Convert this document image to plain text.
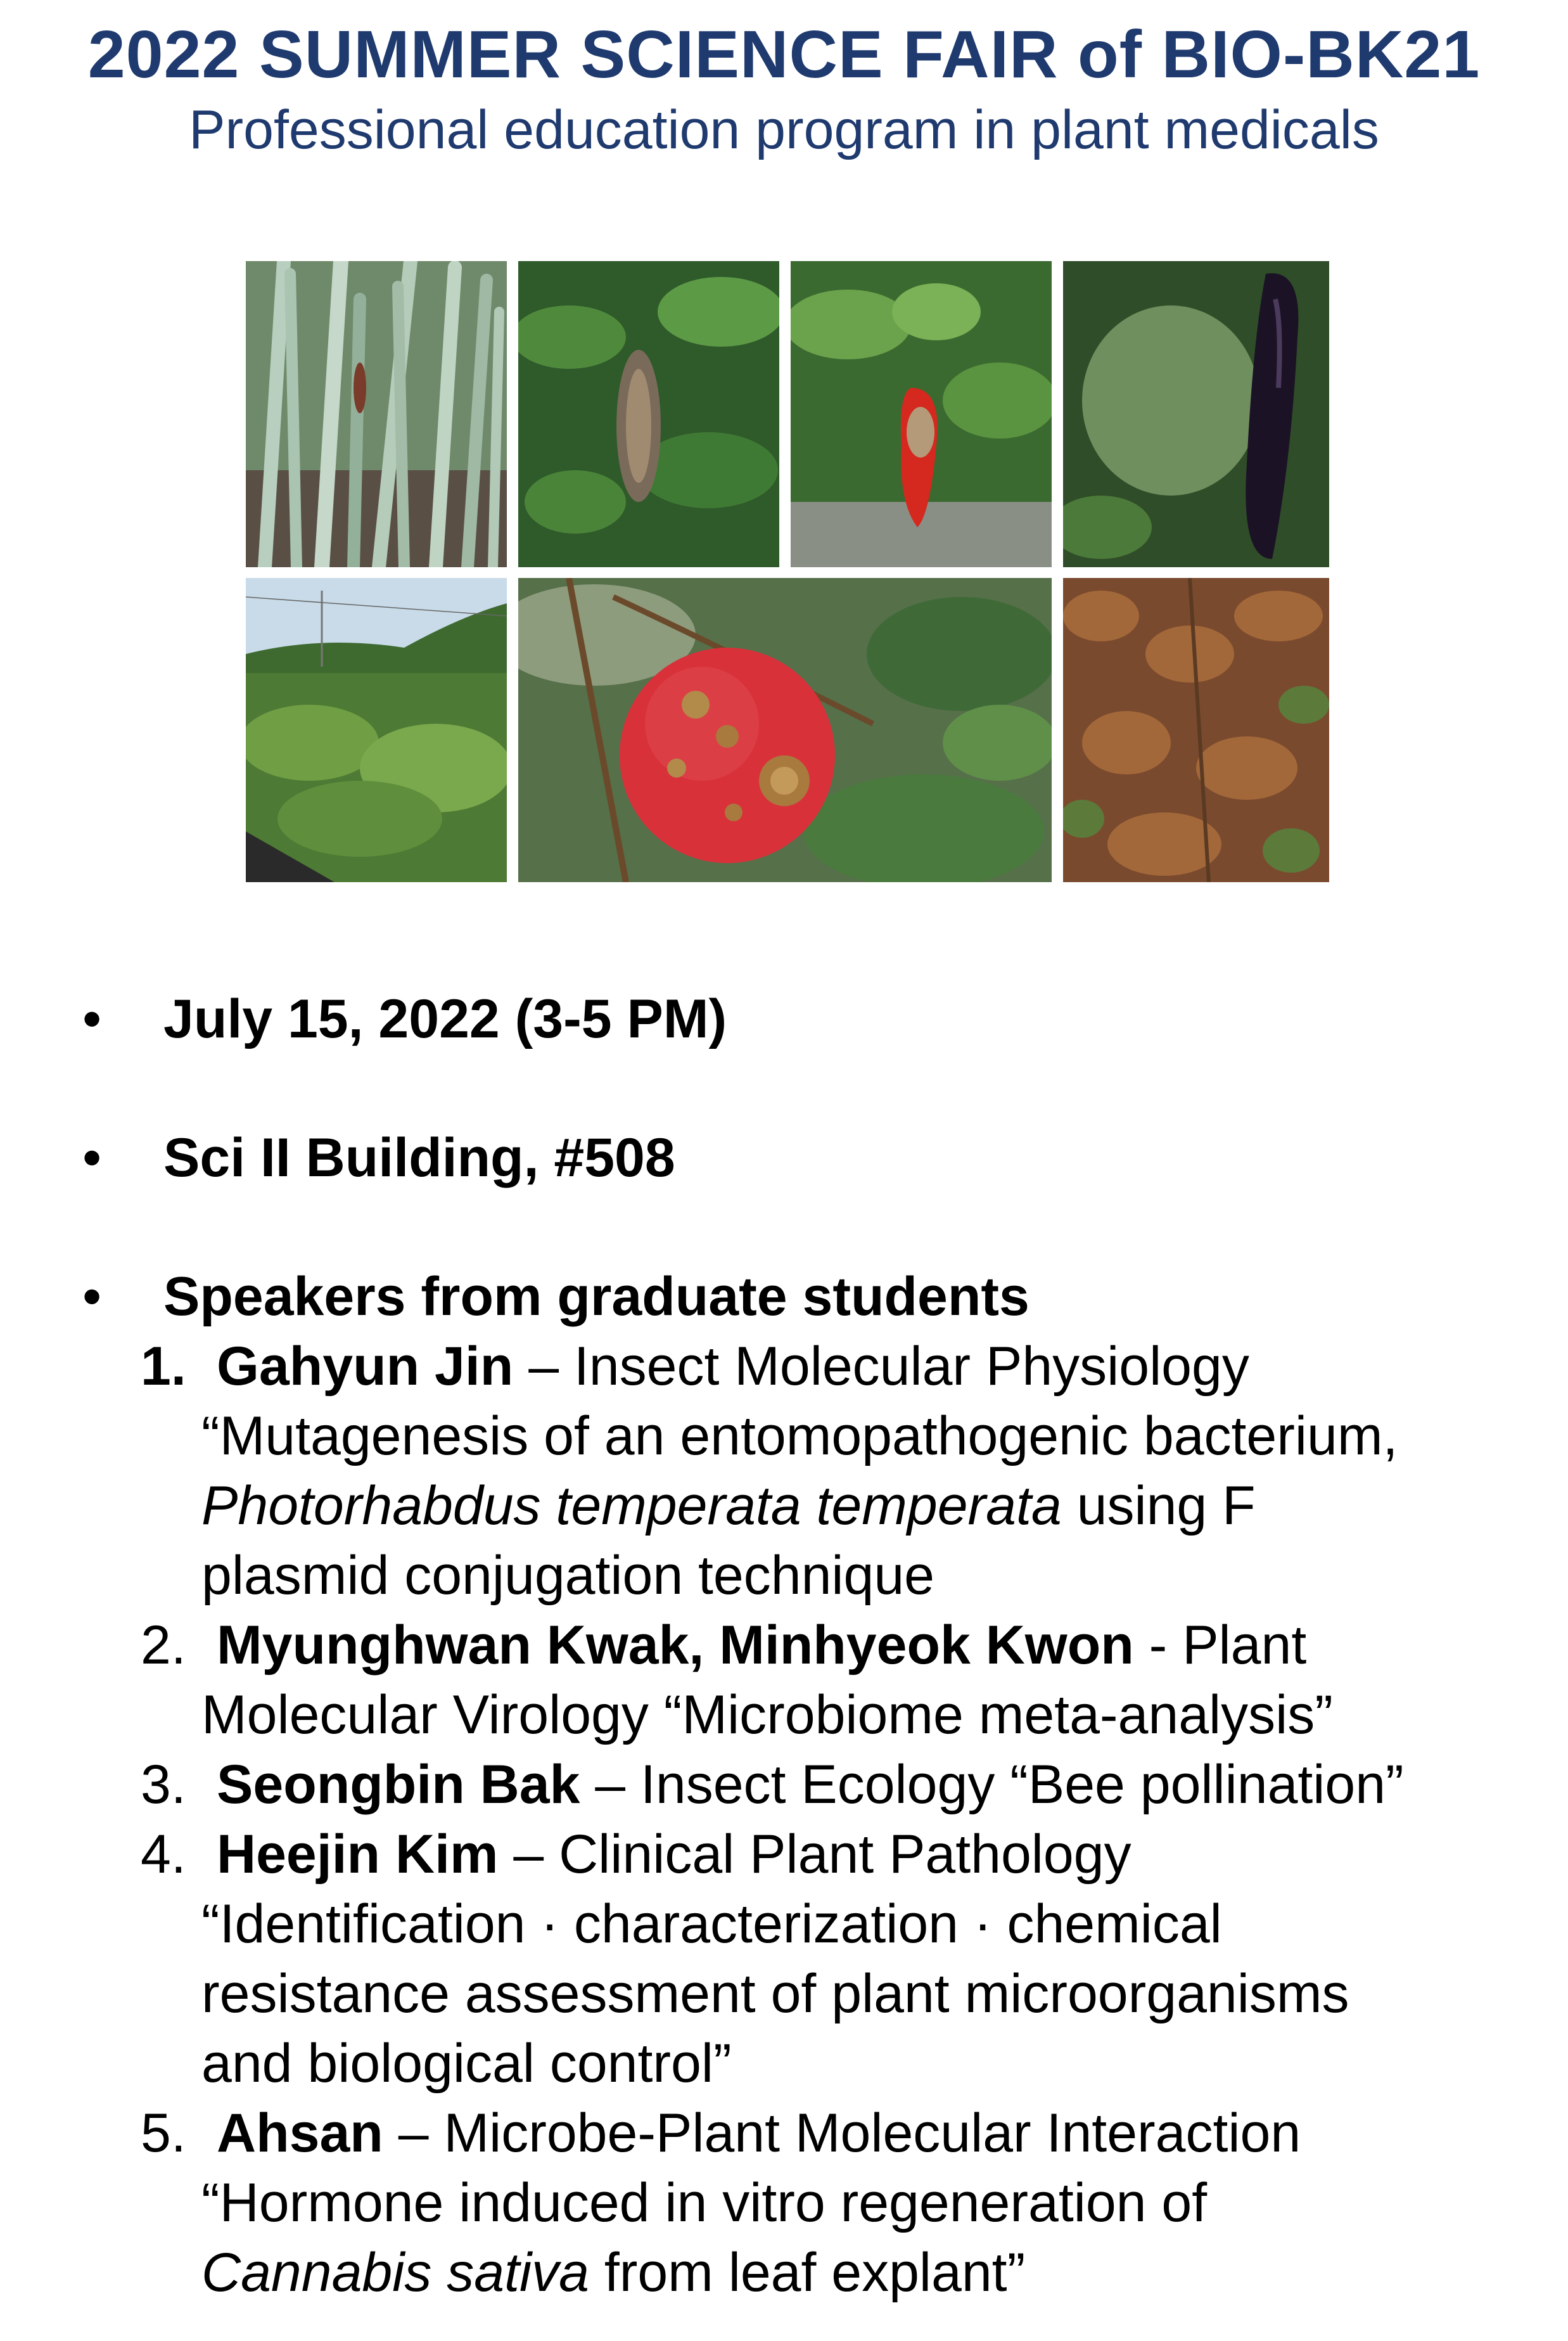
2022 SUMMER SCIENCE FAIR of BIO-BK21
Professional education program in plant medicals
• July 15, 2022 (3-5 PM)
• Sci II Building, #508
• Speakers from graduate students
1. Gahyun Jin – Insect Molecular Physiology
“Mutagenesis of an entomopathogenic bacterium,
Photorhabdus temperata temperata using F
plasmid conjugation technique
2. Myunghwan Kwak, Minhyeok Kwon - Plant
Molecular Virology “Microbiome meta-analysis”
3. Seongbin Bak – Insect Ecology “Bee pollination”
4. Heejin Kim – Clinical Plant Pathology
“Identification · characterization · chemical
resistance assessment of plant microorganisms
and biological control”
5. Ahsan – Microbe-Plant Molecular Interaction
“Hormone induced in vitro regeneration of
Cannabis sativa from leaf explant”
